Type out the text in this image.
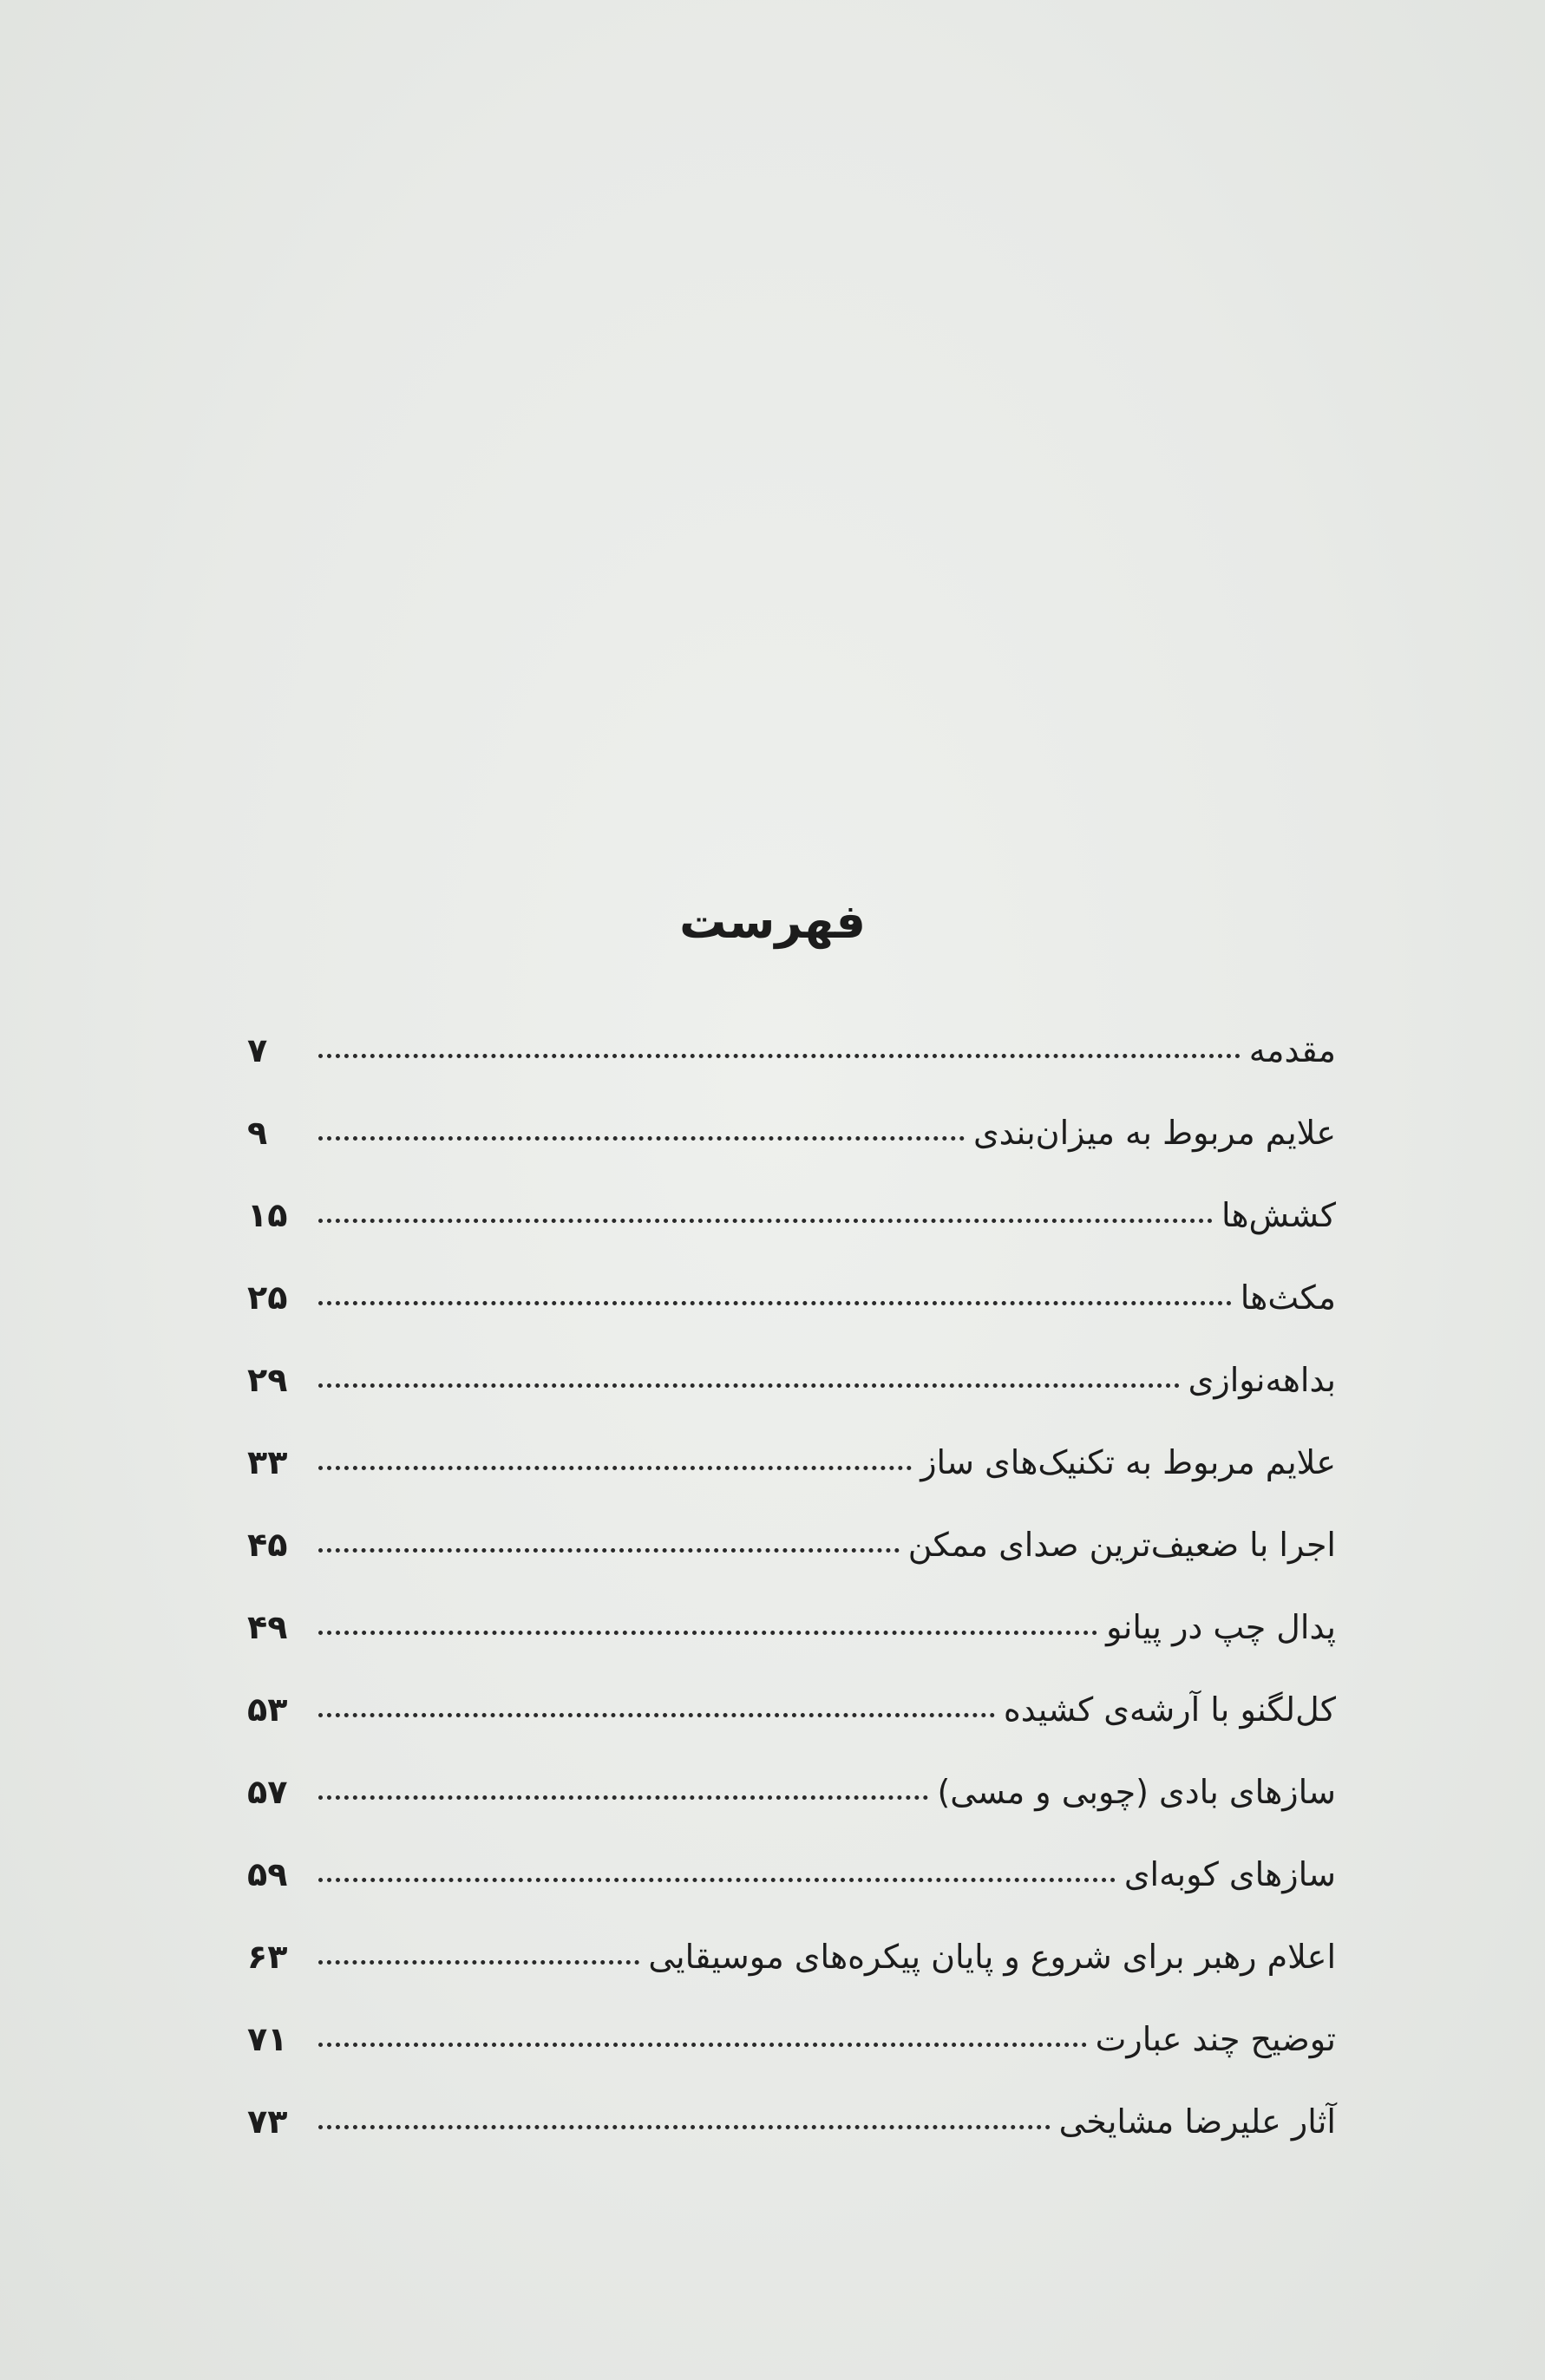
فهرست
مقدمه
۷
علایم مربوط به میزان‌بندی
۹
کشش‌ها
۱۵
مکث‌ها
۲۵
بداهه‌نوازی
۲۹
علایم مربوط به تکنیک‌های ساز
۳۳
اجرا با ضعیف‌ترین صدای ممکن
۴۵
پدال چپ در پیانو
۴۹
کل‌لگنو با آرشه‌ی کشیده
۵۳
سازهای بادی (چوبی و مسی)
۵۷
سازهای کوبه‌ای
۵۹
اعلام رهبر برای شروع و پایان پیکره‌های موسیقایی
۶۳
توضیح چند عبارت
۷۱
آثار علیرضا مشایخی
۷۳
